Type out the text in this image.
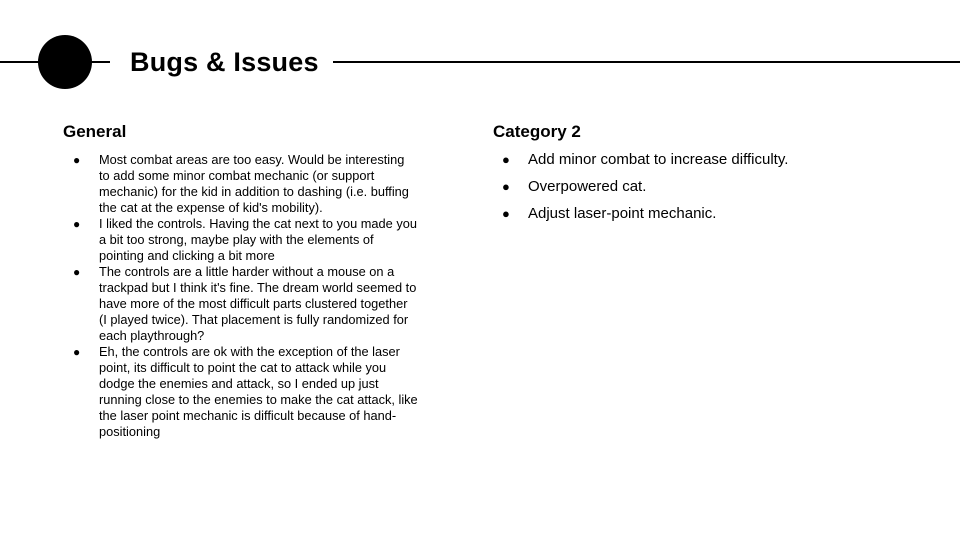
Bugs & Issues
General
● Most combat areas are too easy. Would be interesting to add some minor combat mechanic (or support mechanic) for the kid in addition to dashing (i.e. buffing the cat at the expense of kid's mobility).
● I liked the controls. Having the cat next to you made you a bit too strong, maybe play with the elements of pointing and clicking a bit more
● The controls are a little harder without a mouse on a trackpad but I think it's fine. The dream world seemed to have more of the most difficult parts clustered together (I played twice). That placement is fully randomized for each playthrough?
● Eh, the controls are ok with the exception of the laser point, its difficult to point the cat to attack while you dodge the enemies and attack, so I ended up just running close to the enemies to make the cat attack, like the laser point mechanic is difficult because of hand-positioning
Category 2
● Add minor combat to increase difficulty.
● Overpowered cat.
● Adjust laser-point mechanic.
